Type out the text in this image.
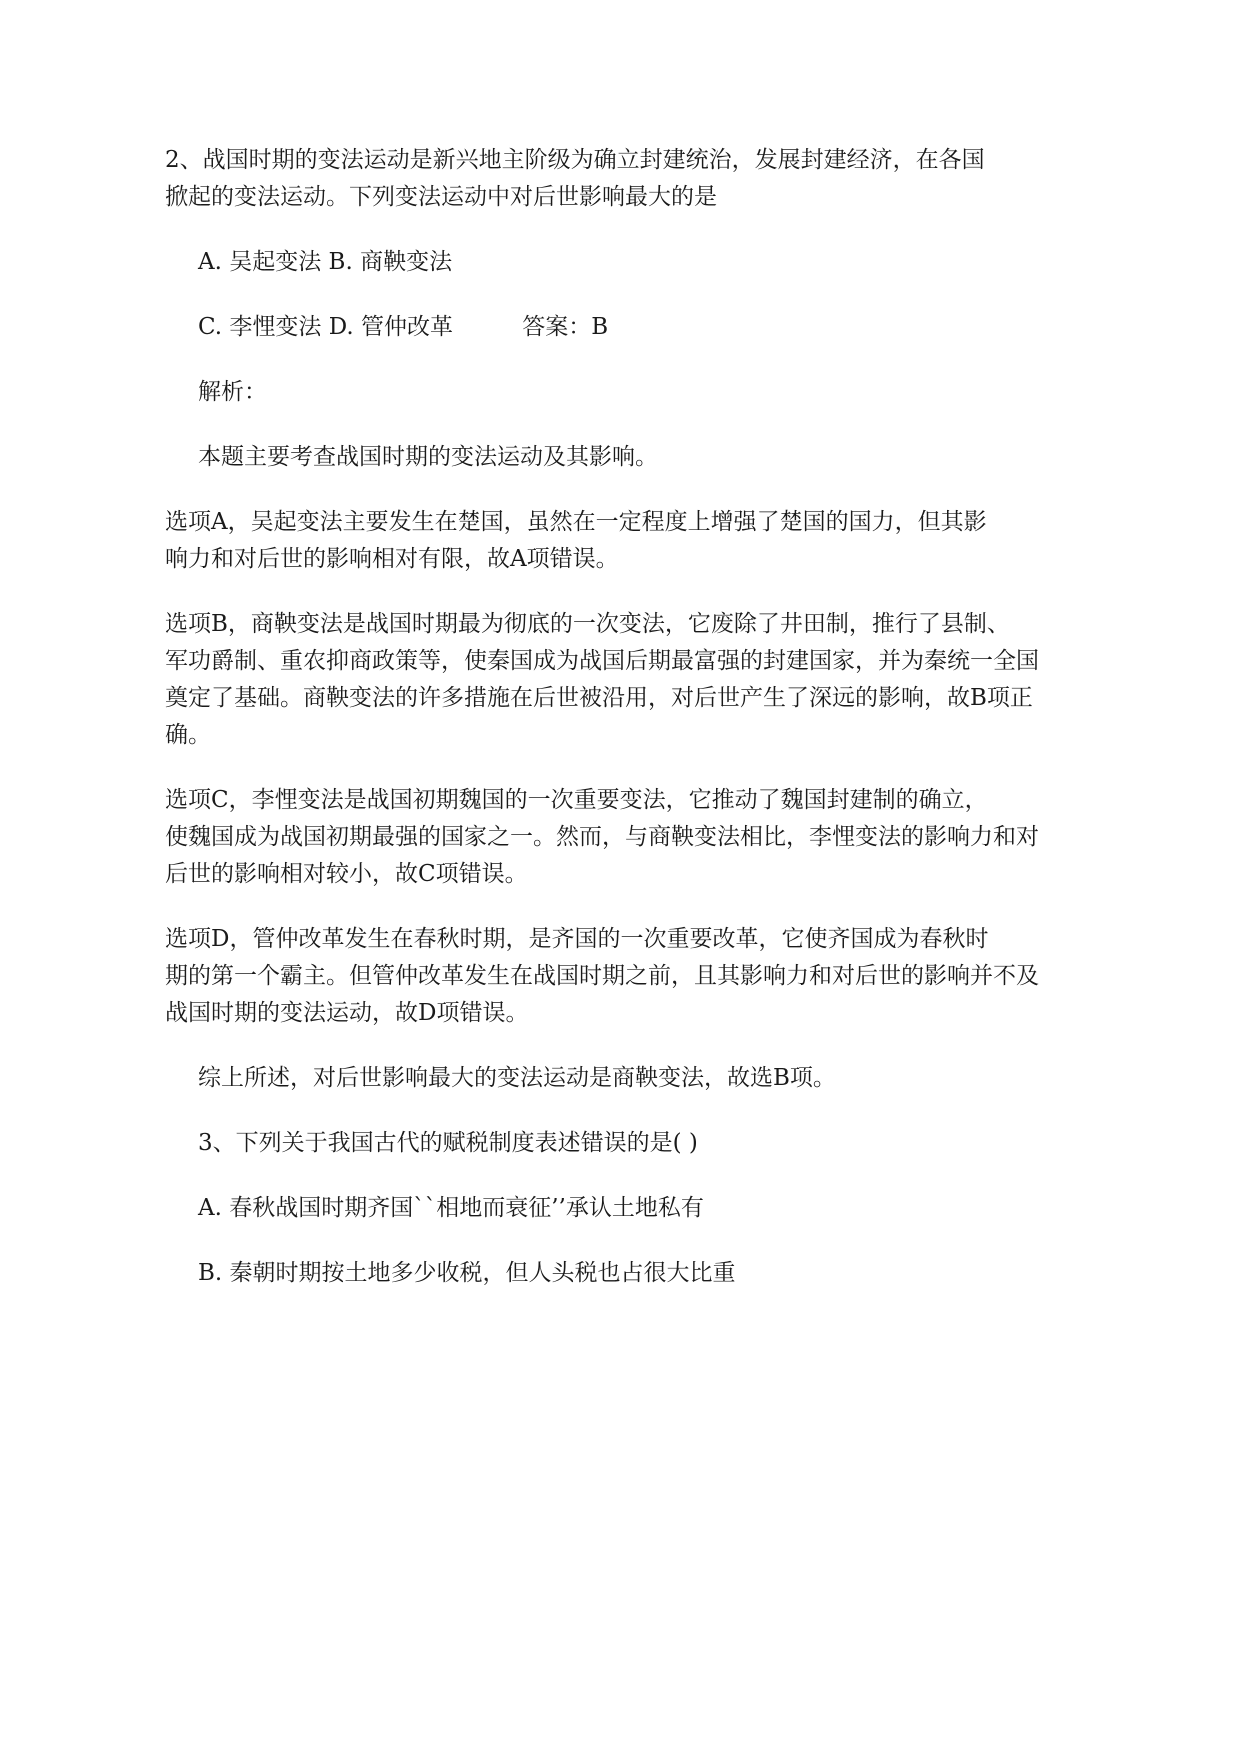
2、战国时期的变法运动是新兴地主阶级为确立封建统治，发展封建经济，在各国
掀起的变法运动。下列变法运动中对后世影响最大的是

A. 吴起变法 B. 商鞅变法
C. 李悝变法 D. 管仲改革	答案：B
解析：
本题主要考查战国时期的变法运动及其影响。

选项A，吴起变法主要发生在楚国，虽然在一定程度上增强了楚国的国力，但其影
响力和对后世的影响相对有限，故A项错误。

选项B，商鞅变法是战国时期最为彻底的一次变法，它废除了井田制，推行了县制、
军功爵制、重农抑商政策等，使秦国成为战国后期最富强的封建国家，并为秦统一全国
奠定了基础。商鞅变法的许多措施在后世被沿用，对后世产生了深远的影响，故B项正
确。

选项C，李悝变法是战国初期魏国的一次重要变法，它推动了魏国封建制的确立，
使魏国成为战国初期最强的国家之一。然而，与商鞅变法相比，李悝变法的影响力和对
后世的影响相对较小，故C项错误。

选项D，管仲改革发生在春秋时期，是齐国的一次重要改革，它使齐国成为春秋时
期的第一个霸主。但管仲改革发生在战国时期之前，且其影响力和对后世的影响并不及
战国时期的变法运动，故D项错误。

综上所述，对后世影响最大的变法运动是商鞅变法，故选B项。
3、下列关于我国古代的赋税制度表述错误的是( )
A. 春秋战国时期齐国``相地而衰征’’承认土地私有
B. 秦朝时期按土地多少收税，但人头税也占很大比重
